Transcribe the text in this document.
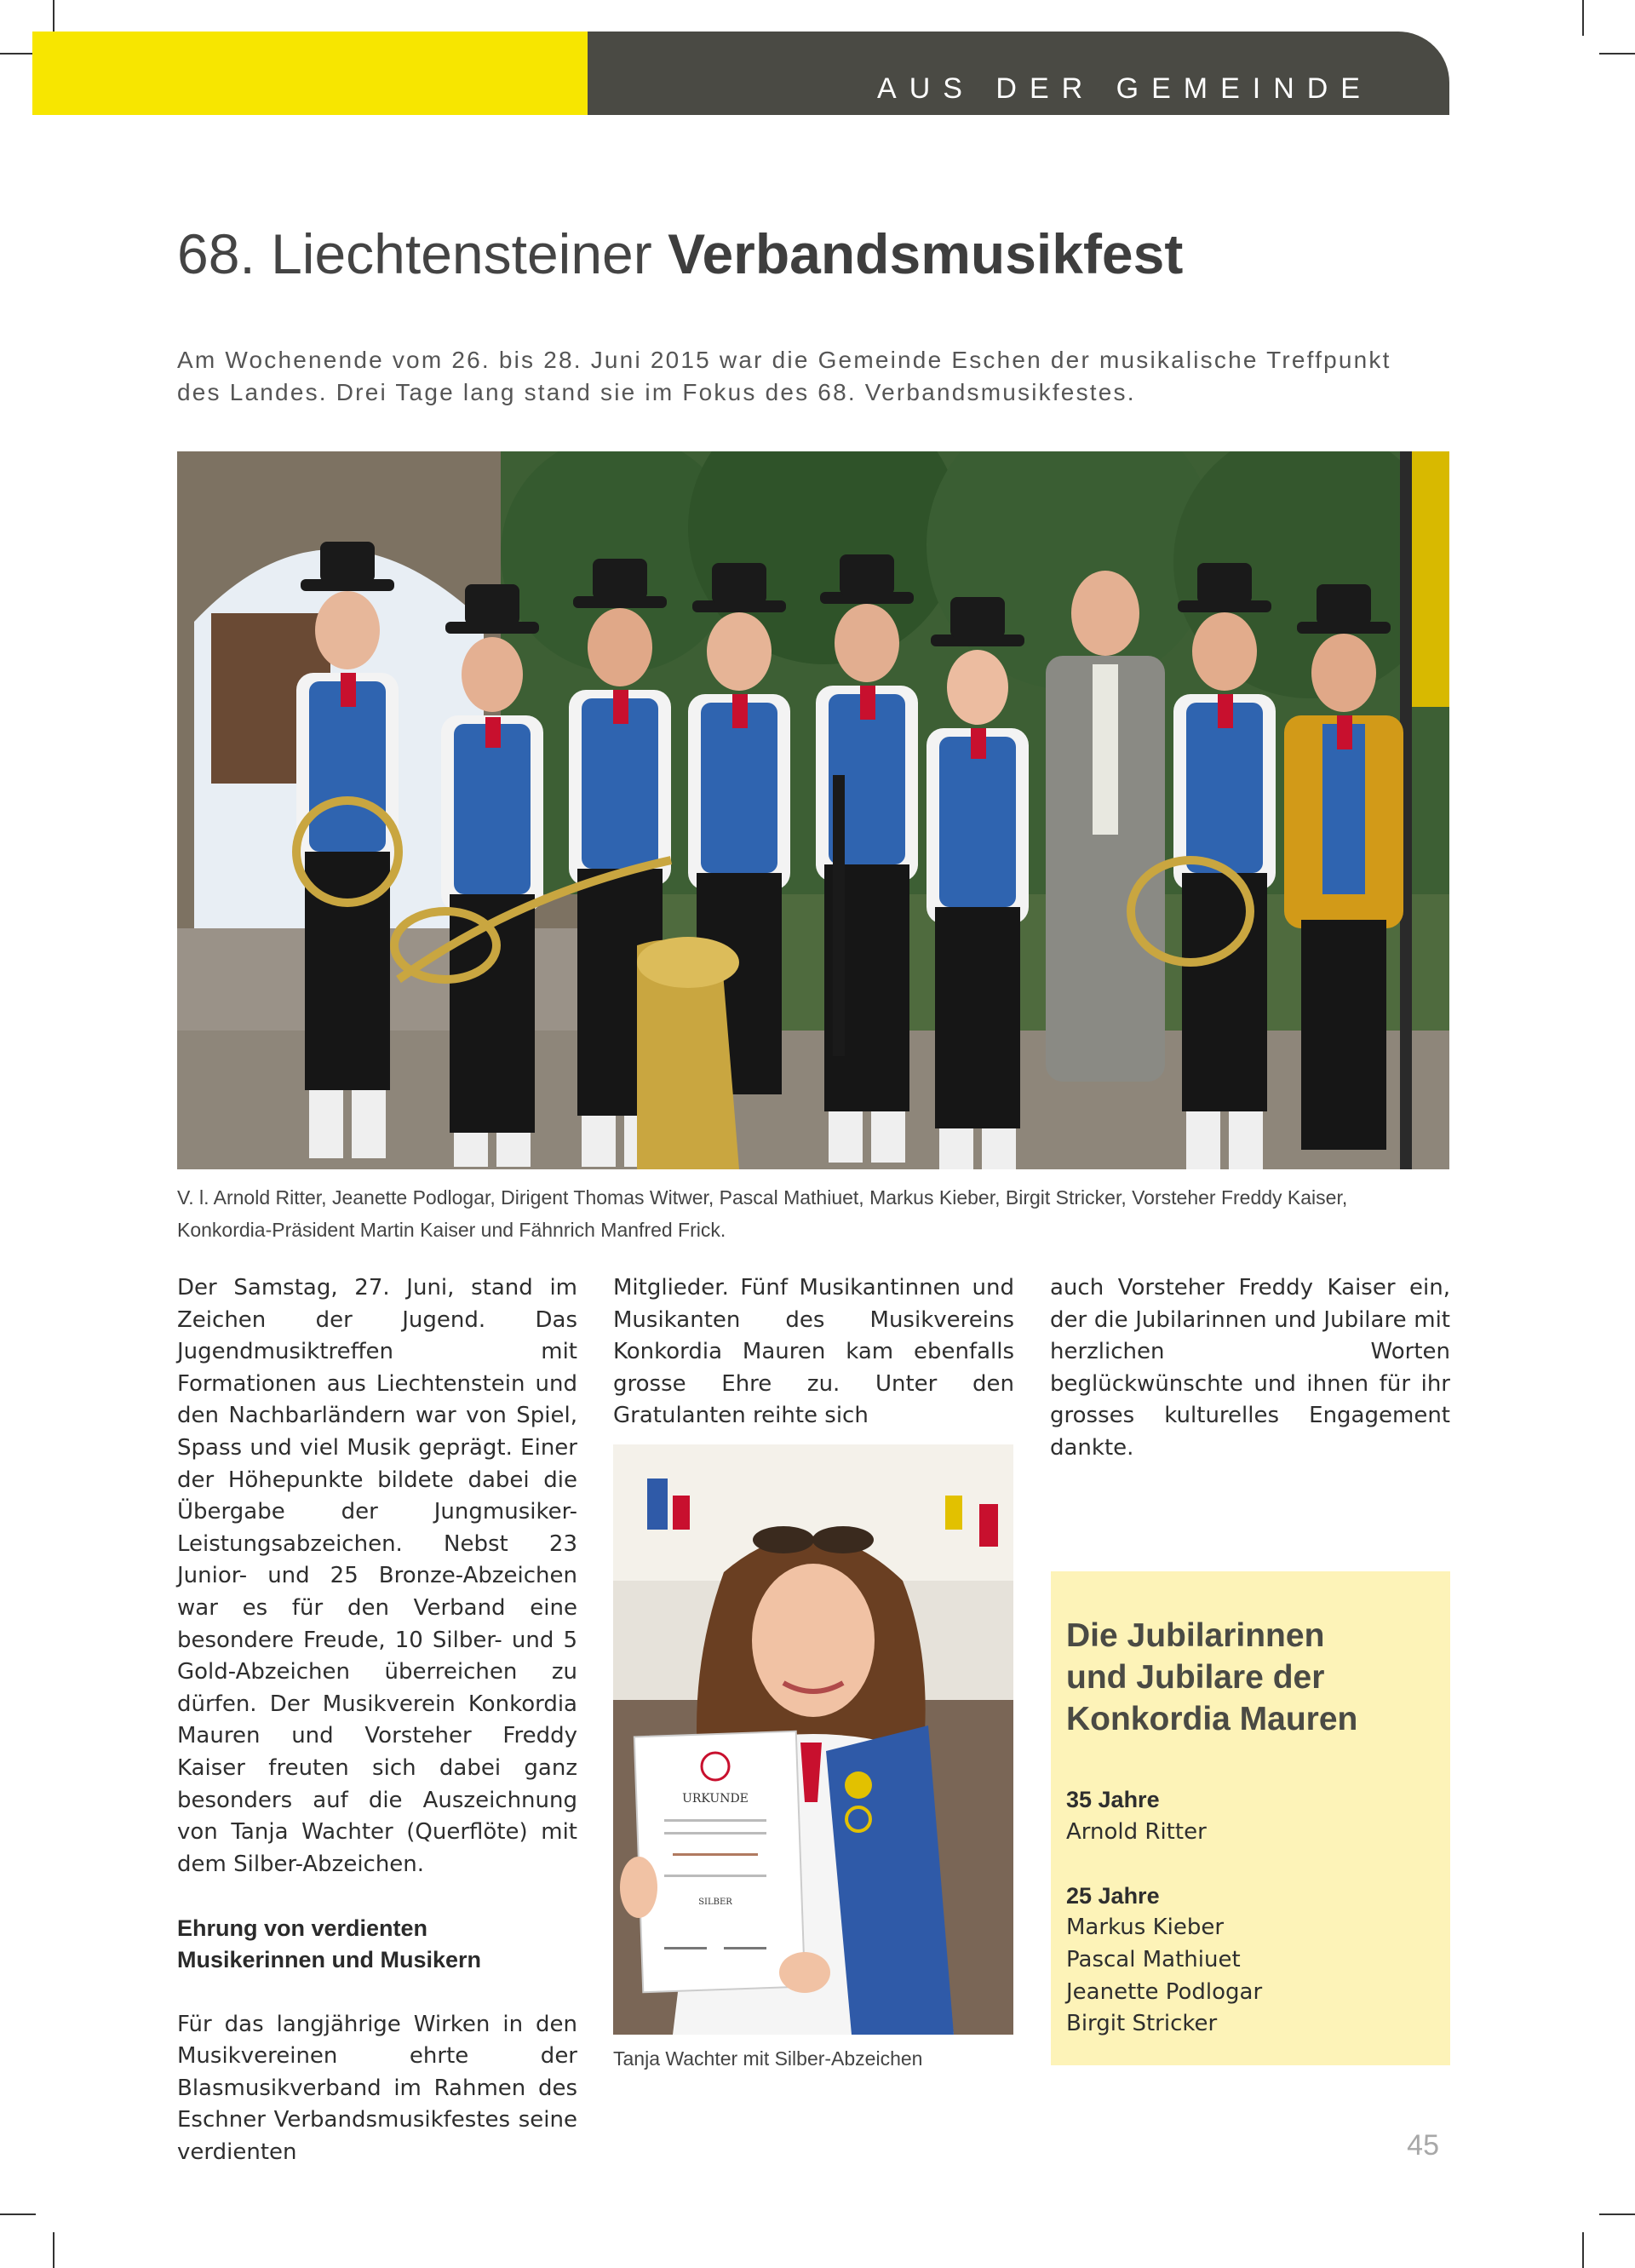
AUS DER GEMEINDE
68. Liechtensteiner Verbandsmusikfest
Am Wochenende vom 26. bis 28. Juni 2015 war die Gemeinde Eschen der musikalische Treffpunkt
des Landes. Drei Tage lang stand sie im Fokus des 68. Verbandsmusikfestes.
V. l. Arnold Ritter, Jeanette Podlogar, Dirigent Thomas Witwer, Pascal Mathiuet, Markus Kieber, Birgit Stricker, Vorsteher Freddy Kaiser,
Konkordia-Präsident Martin Kaiser und Fähnrich Manfred Frick.

Der Samstag, 27. Juni, stand im Zeichen der Jugend. Das Jugendmusiktreffen mit Formationen aus Liechtenstein und den Nachbarländern war von Spiel, Spass und viel Musik geprägt. Einer der Höhepunkte bildete dabei die Übergabe der Jungmusiker-Leistungsabzeichen. Nebst 23 Junior- und 25 Bronze-Abzeichen war es für den Verband eine besondere Freude, 10 Silber- und 5 Gold-Abzeichen überreichen zu dürfen. Der Musikverein Konkordia Mauren und Vorsteher Freddy Kaiser freuten sich dabei ganz besonders auf die Auszeichnung von Tanja Wachter (Querflöte) mit dem Silber-Abzeichen.

Ehrung von verdienten
Musikerinnen und Musikern

Für das langjährige Wirken in den Musikvereinen ehrte der Blasmusikverband im Rahmen des Eschner Verbandsmusikfestes seine verdienten

Mitglieder. Fünf Musikantinnen und Musikanten des Musikvereins Konkordia Mauren kam ebenfalls grosse Ehre zu. Unter den Gratulanten reihte sich

URKUNDE
SILBER
Tanja Wachter mit Silber-Abzeichen

auch Vorsteher Freddy Kaiser ein, der die Jubilarinnen und Jubilare mit herzlichen Worten beglückwünschte und ihnen für ihr grosses kulturelles Engagement dankte.

Die Jubilarinnen
und Jubilare der
Konkordia Mauren
35 Jahre
Arnold Ritter
25 Jahre
Markus Kieber
Pascal Mathiuet
Jeanette Podlogar
Birgit Stricker
45
